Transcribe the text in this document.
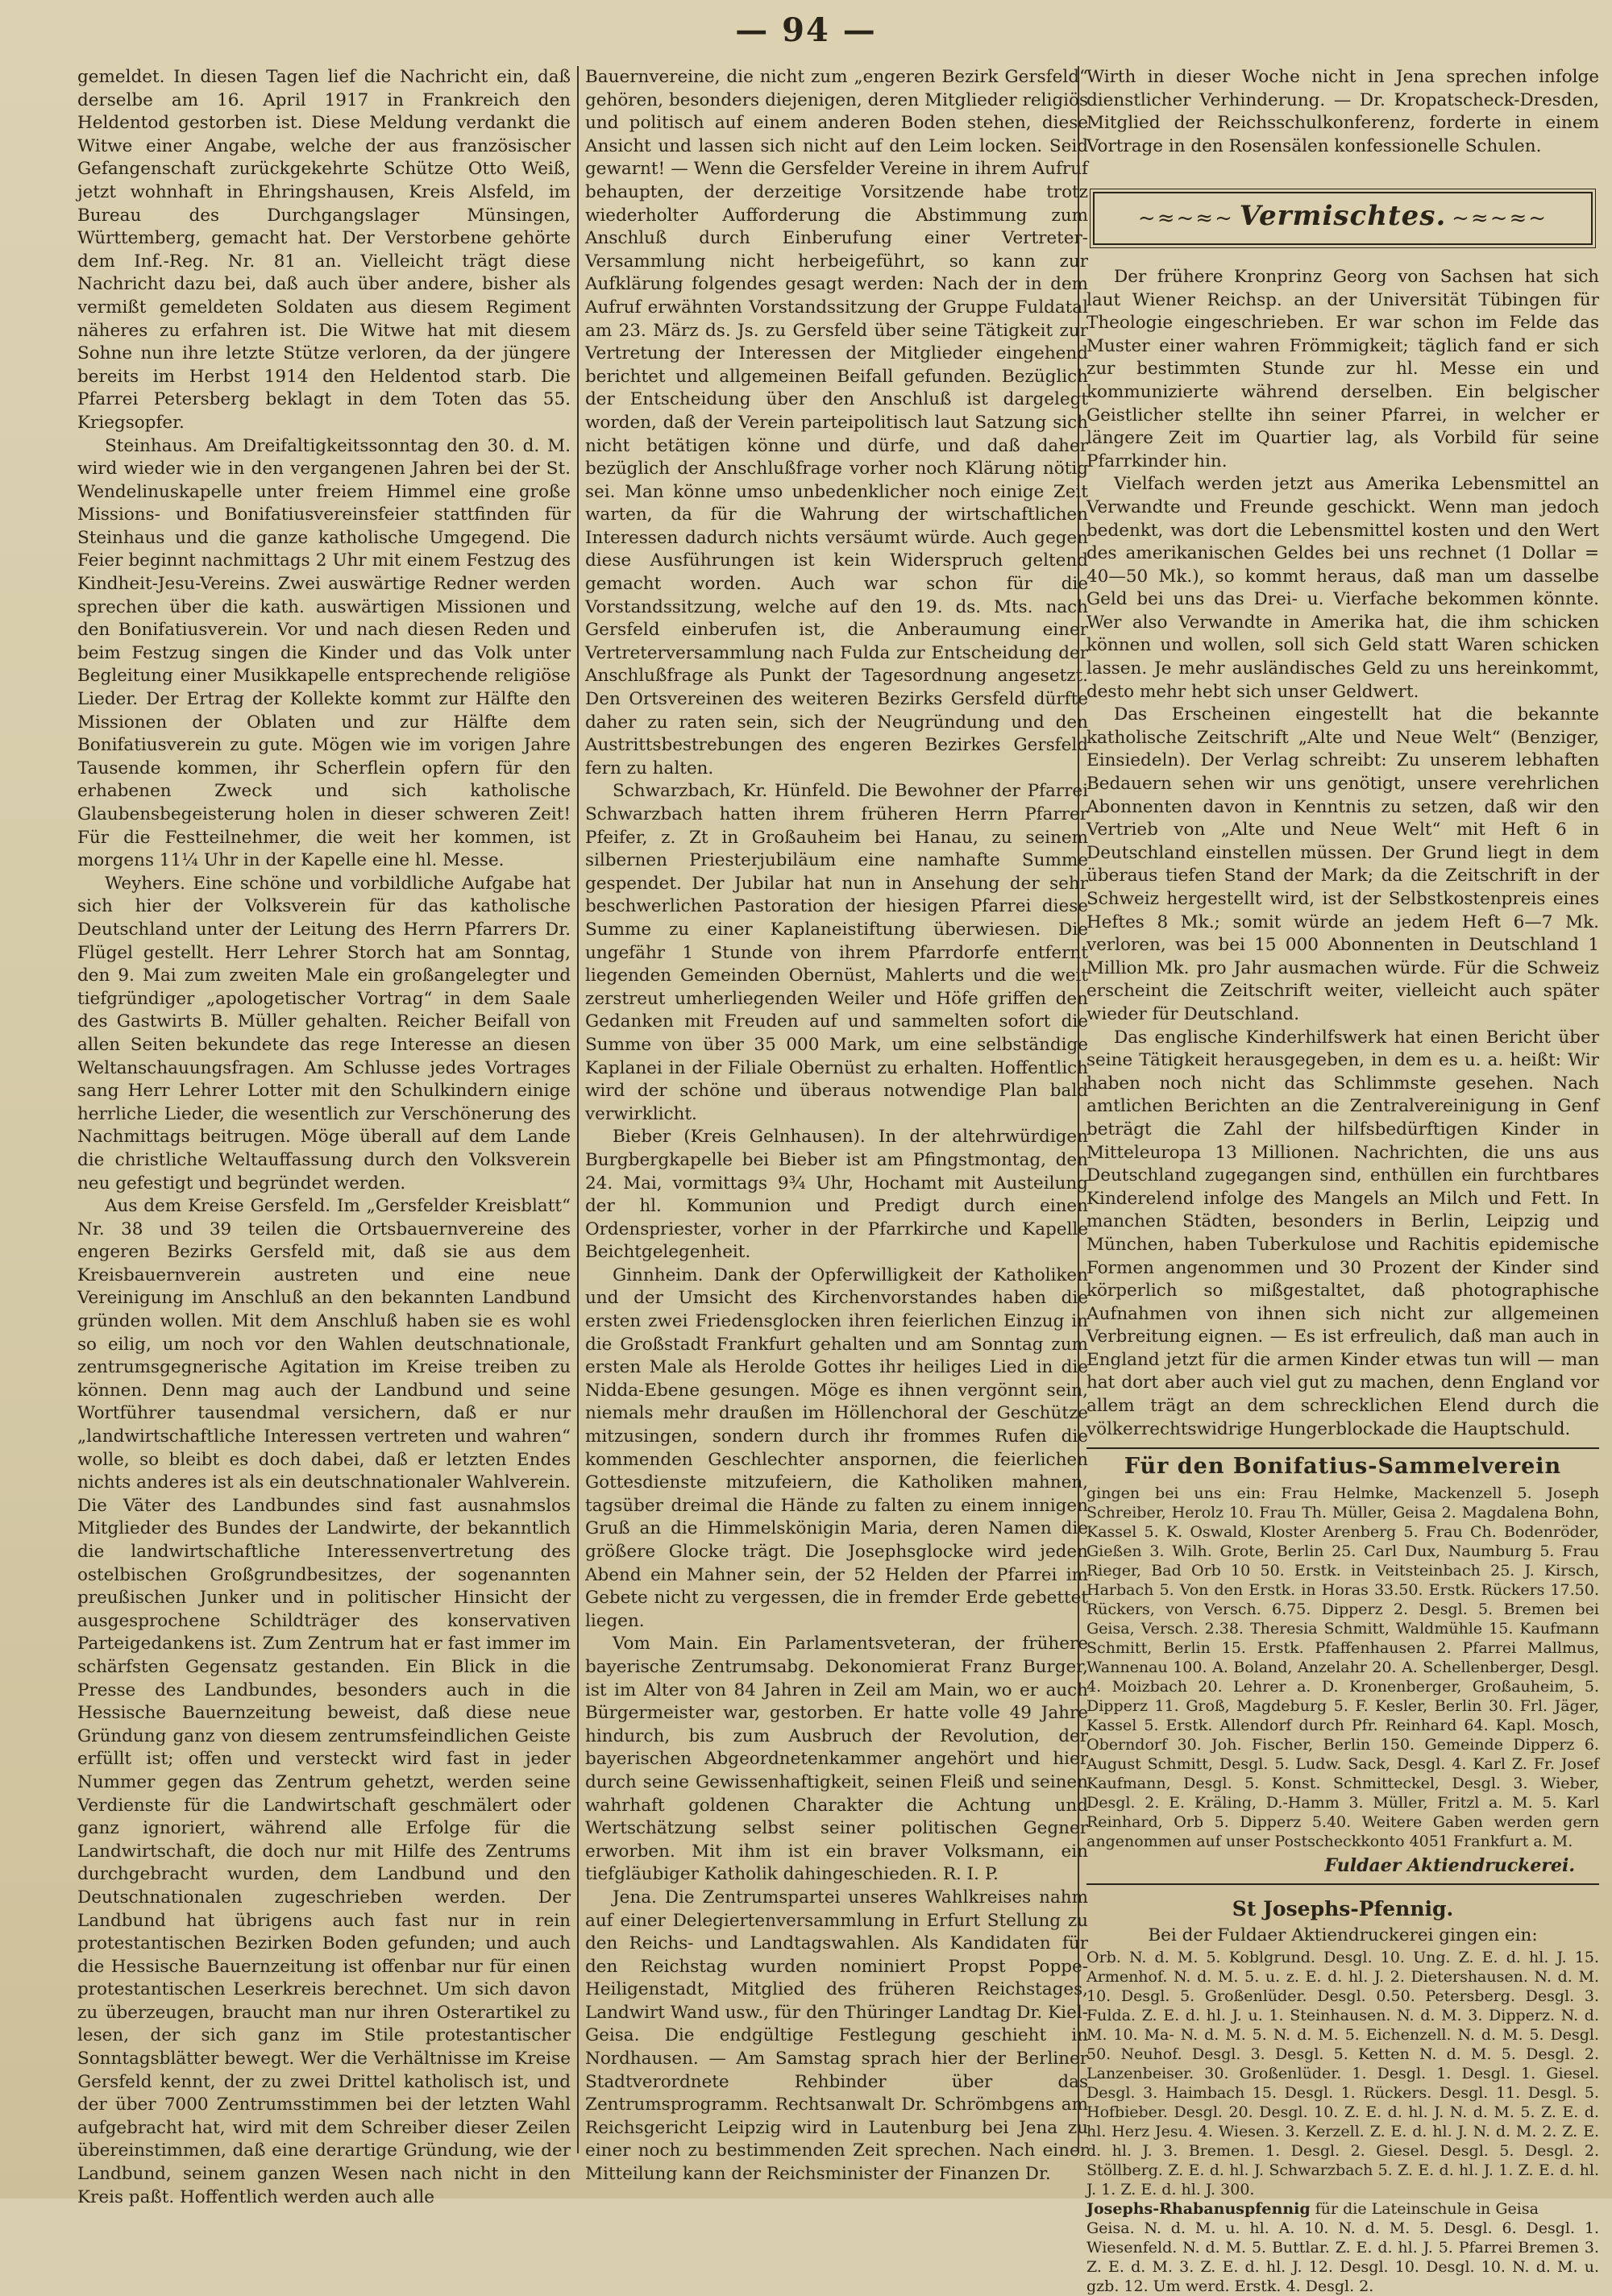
— 94 —

gemeldet. In diesen Tagen lief die Nachricht ein, daß derselbe am 16. April 1917 in Frankreich den Heldentod gestorben ist. Diese Meldung verdankt die Witwe einer Angabe, welche der aus französischer Gefangenschaft zurückgekehrte Schütze Otto Weiß, jetzt wohnhaft in Ehringshausen, Kreis Alsfeld, im Bureau des Durchgangslager Münsingen, Württemberg, gemacht hat. Der Verstorbene gehörte dem Inf.-Reg. Nr. 81 an. Vielleicht trägt diese Nachricht dazu bei, daß auch über andere, bisher als vermißt gemeldeten Soldaten aus diesem Regiment näheres zu erfahren ist. Die Witwe hat mit diesem Sohne nun ihre letzte Stütze verloren, da der jüngere bereits im Herbst 1914 den Heldentod starb. Die Pfarrei Petersberg beklagt in dem Toten das 55. Kriegsopfer.

Steinhaus. Am Dreifaltigkeitssonntag den 30. d. M. wird wieder wie in den vergangenen Jahren bei der St. Wendelinuskapelle unter freiem Himmel eine große Missions- und Bonifatiusvereinsfeier stattfinden für Steinhaus und die ganze katholische Umgegend. Die Feier beginnt nachmittags 2 Uhr mit einem Festzug des Kindheit-Jesu-Vereins. Zwei auswärtige Redner werden sprechen über die kath. auswärtigen Missionen und den Bonifatiusverein. Vor und nach diesen Reden und beim Festzug singen die Kinder und das Volk unter Begleitung einer Musikkapelle entsprechende religiöse Lieder. Der Ertrag der Kollekte kommt zur Hälfte den Missionen der Oblaten und zur Hälfte dem Bonifatiusverein zu gute. Mögen wie im vorigen Jahre Tausende kommen, ihr Scherflein opfern für den erhabenen Zweck und sich katholische Glaubensbegeisterung holen in dieser schweren Zeit! Für die Festteilnehmer, die weit her kommen, ist morgens 11¼ Uhr in der Kapelle eine hl. Messe.

Weyhers. Eine schöne und vorbildliche Aufgabe hat sich hier der Volksverein für das katholische Deutschland unter der Leitung des Herrn Pfarrers Dr. Flügel gestellt. Herr Lehrer Storch hat am Sonntag, den 9. Mai zum zweiten Male ein großangelegter und tiefgründiger „apologetischer Vortrag“ in dem Saale des Gastwirts B. Müller gehalten. Reicher Beifall von allen Seiten bekundete das rege Interesse an diesen Weltanschauungsfragen. Am Schlusse jedes Vortrages sang Herr Lehrer Lotter mit den Schulkindern einige herrliche Lieder, die wesentlich zur Verschönerung des Nachmittags beitrugen. Möge überall auf dem Lande die christliche Weltauffassung durch den Volksverein neu gefestigt und begründet werden.

Aus dem Kreise Gersfeld. Im „Gersfelder Kreisblatt“ Nr. 38 und 39 teilen die Ortsbauernvereine des engeren Bezirks Gersfeld mit, daß sie aus dem Kreisbauernverein austreten und eine neue Vereinigung im Anschluß an den bekannten Landbund gründen wollen. Mit dem Anschluß haben sie es wohl so eilig, um noch vor den Wahlen deutschnationale, zentrumsgegnerische Agitation im Kreise treiben zu können. Denn mag auch der Landbund und seine Wortführer tausendmal versichern, daß er nur „landwirtschaftliche Interessen vertreten und wahren“ wolle, so bleibt es doch dabei, daß er letzten Endes nichts anderes ist als ein deutschnationaler Wahlverein. Die Väter des Landbundes sind fast ausnahmslos Mitglieder des Bundes der Landwirte, der bekanntlich die landwirtschaftliche Interessenvertretung des ostelbischen Großgrundbesitzes, der sogenannten preußischen Junker und in politischer Hinsicht der ausgesprochene Schildträger des konservativen Parteigedankens ist. Zum Zentrum hat er fast immer im schärfsten Gegensatz gestanden. Ein Blick in die Presse des Landbundes, besonders auch in die Hessische Bauernzeitung beweist, daß diese neue Gründung ganz von diesem zentrumsfeindlichen Geiste erfüllt ist; offen und versteckt wird fast in jeder Nummer gegen das Zentrum gehetzt, werden seine Verdienste für die Landwirtschaft geschmälert oder ganz ignoriert, während alle Erfolge für die Landwirtschaft, die doch nur mit Hilfe des Zentrums durchgebracht wurden, dem Landbund und den Deutschnationalen zugeschrieben werden. Der Landbund hat übrigens auch fast nur in rein protestantischen Bezirken Boden gefunden; und auch die Hessische Bauernzeitung ist offenbar nur für einen protestantischen Leserkreis berechnet. Um sich davon zu überzeugen, braucht man nur ihren Osterartikel zu lesen, der sich ganz im Stile protestantischer Sonntagsblätter bewegt. Wer die Verhältnisse im Kreise Gersfeld kennt, der zu zwei Drittel katholisch ist, und der über 7000 Zentrumsstimmen bei der letzten Wahl aufgebracht hat, wird mit dem Schreiber dieser Zeilen übereinstimmen, daß eine derartige Gründung, wie der Landbund, seinem ganzen Wesen nach nicht in den Kreis paßt. Hoffentlich werden auch alle

Bauernvereine, die nicht zum „engeren Bezirk Gersfeld“ gehören, besonders diejenigen, deren Mitglieder religiös und politisch auf einem anderen Boden stehen, diese Ansicht und lassen sich nicht auf den Leim locken. Seid gewarnt! — Wenn die Gersfelder Vereine in ihrem Aufruf behaupten, der derzeitige Vorsitzende habe trotz wiederholter Aufforderung die Abstimmung zum Anschluß durch Einberufung einer Vertreter-Versammlung nicht herbeigeführt, so kann zur Aufklärung folgendes gesagt werden: Nach der in dem Aufruf erwähnten Vorstandssitzung der Gruppe Fuldatal am 23. März ds. Js. zu Gersfeld über seine Tätigkeit zur Vertretung der Interessen der Mitglieder eingehend berichtet und allgemeinen Beifall gefunden. Bezüglich der Entscheidung über den Anschluß ist dargelegt worden, daß der Verein parteipolitisch laut Satzung sich nicht betätigen könne und dürfe, und daß daher bezüglich der Anschlußfrage vorher noch Klärung nötig sei. Man könne umso unbedenklicher noch einige Zeit warten, da für die Wahrung der wirtschaftlichen Interessen dadurch nichts versäumt würde. Auch gegen diese Ausführungen ist kein Widerspruch geltend gemacht worden. Auch war schon für die Vorstandssitzung, welche auf den 19. ds. Mts. nach Gersfeld einberufen ist, die Anberaumung einer Vertreterversammlung nach Fulda zur Entscheidung der Anschlußfrage als Punkt der Tagesordnung angesetzt. Den Ortsvereinen des weiteren Bezirks Gersfeld dürfte daher zu raten sein, sich der Neugründung und den Austrittsbestrebungen des engeren Bezirkes Gersfeld fern zu halten.

Schwarzbach, Kr. Hünfeld. Die Bewohner der Pfarrei Schwarzbach hatten ihrem früheren Herrn Pfarrer Pfeifer, z. Zt in Großauheim bei Hanau, zu seinem silbernen Priesterjubiläum eine namhafte Summe gespendet. Der Jubilar hat nun in Ansehung der sehr beschwerlichen Pastoration der hiesigen Pfarrei diese Summe zu einer Kaplaneistiftung überwiesen. Die ungefähr 1 Stunde von ihrem Pfarrdorfe entfernt liegenden Gemeinden Obernüst, Mahlerts und die weit zerstreut umherliegenden Weiler und Höfe griffen den Gedanken mit Freuden auf und sammelten sofort die Summe von über 35 000 Mark, um eine selbständige Kaplanei in der Filiale Obernüst zu erhalten. Hoffentlich wird der schöne und überaus notwendige Plan bald verwirklicht.

Bieber (Kreis Gelnhausen). In der altehrwürdigen Burgbergkapelle bei Bieber ist am Pfingstmontag, den 24. Mai, vormittags 9¾ Uhr, Hochamt mit Austeilung der hl. Kommunion und Predigt durch einen Ordenspriester, vorher in der Pfarrkirche und Kapelle Beichtgelegenheit.

Ginnheim. Dank der Opferwilligkeit der Katholiken und der Umsicht des Kirchenvorstandes haben die ersten zwei Friedensglocken ihren feierlichen Einzug in die Großstadt Frankfurt gehalten und am Sonntag zum ersten Male als Herolde Gottes ihr heiliges Lied in die Nidda-Ebene gesungen. Möge es ihnen vergönnt sein, niemals mehr draußen im Höllenchoral der Geschütze mitzusingen, sondern durch ihr frommes Rufen die kommenden Geschlechter anspornen, die feierlichen Gottesdienste mitzufeiern, die Katholiken mahnen, tagsüber dreimal die Hände zu falten zu einem innigen Gruß an die Himmelskönigin Maria, deren Namen die größere Glocke trägt. Die Josephsglocke wird jeden Abend ein Mahner sein, der 52 Helden der Pfarrei im Gebete nicht zu vergessen, die in fremder Erde gebettet liegen.

Vom Main. Ein Parlamentsveteran, der frühere bayerische Zentrumsabg. Dekonomierat Franz Burger, ist im Alter von 84 Jahren in Zeil am Main, wo er auch Bürgermeister war, gestorben. Er hatte volle 49 Jahre hindurch, bis zum Ausbruch der Revolution, der bayerischen Abgeordnetenkammer angehört und hier durch seine Gewissenhaftigkeit, seinen Fleiß und seinen wahrhaft goldenen Charakter die Achtung und Wertschätzung selbst seiner politischen Gegner erworben. Mit ihm ist ein braver Volksmann, ein tiefgläubiger Katholik dahingeschieden. R. I. P.

Jena. Die Zentrumspartei unseres Wahlkreises nahm auf einer Delegiertenversammlung in Erfurt Stellung zu den Reichs- und Landtagswahlen. Als Kandidaten für den Reichstag wurden nominiert Propst Poppe-Heiligenstadt, Mitglied des früheren Reichstages, Landwirt Wand usw., für den Thüringer Landtag Dr. Kiel-Geisa. Die endgültige Festlegung geschieht in Nordhausen. — Am Samstag sprach hier der Berliner Stadtverordnete Rehbinder über das Zentrumsprogramm. Rechtsanwalt Dr. Schrömbgens am Reichsgericht Leipzig wird in Lautenburg bei Jena zu einer noch zu bestimmenden Zeit sprechen. Nach einer Mitteilung kann der Reichsminister der Finanzen Dr.

Wirth in dieser Woche nicht in Jena sprechen infolge dienstlicher Verhinderung. — Dr. Kropatscheck-Dresden, Mitglied der Reichsschulkonferenz, forderte in einem Vortrage in den Rosensälen konfessionelle Schulen.

~≈~≈~ Vermischtes. ~≈~≈~

Der frühere Kronprinz Georg von Sachsen hat sich laut Wiener Reichsp. an der Universität Tübingen für Theologie eingeschrieben. Er war schon im Felde das Muster einer wahren Frömmigkeit; täglich fand er sich zur bestimmten Stunde zur hl. Messe ein und kommunizierte während derselben. Ein belgischer Geistlicher stellte ihn seiner Pfarrei, in welcher er längere Zeit im Quartier lag, als Vorbild für seine Pfarrkinder hin.

Vielfach werden jetzt aus Amerika Lebensmittel an Verwandte und Freunde geschickt. Wenn man jedoch bedenkt, was dort die Lebensmittel kosten und den Wert des amerikanischen Geldes bei uns rechnet (1 Dollar = 40—50 Mk.), so kommt heraus, daß man um dasselbe Geld bei uns das Drei- u. Vierfache bekommen könnte. Wer also Verwandte in Amerika hat, die ihm schicken können und wollen, soll sich Geld statt Waren schicken lassen. Je mehr ausländisches Geld zu uns hereinkommt, desto mehr hebt sich unser Geldwert.

Das Erscheinen eingestellt hat die bekannte katholische Zeitschrift „Alte und Neue Welt“ (Benziger, Einsiedeln). Der Verlag schreibt: Zu unserem lebhaften Bedauern sehen wir uns genötigt, unsere verehrlichen Abonnenten davon in Kenntnis zu setzen, daß wir den Vertrieb von „Alte und Neue Welt“ mit Heft 6 in Deutschland einstellen müssen. Der Grund liegt in dem überaus tiefen Stand der Mark; da die Zeitschrift in der Schweiz hergestellt wird, ist der Selbstkostenpreis eines Heftes 8 Mk.; somit würde an jedem Heft 6—7 Mk. verloren, was bei 15 000 Abonnenten in Deutschland 1 Million Mk. pro Jahr ausmachen würde. Für die Schweiz erscheint die Zeitschrift weiter, vielleicht auch später wieder für Deutschland.

Das englische Kinderhilfswerk hat einen Bericht über seine Tätigkeit herausgegeben, in dem es u. a. heißt: Wir haben noch nicht das Schlimmste gesehen. Nach amtlichen Berichten an die Zentralvereinigung in Genf beträgt die Zahl der hilfsbedürftigen Kinder in Mitteleuropa 13 Millionen. Nachrichten, die uns aus Deutschland zugegangen sind, enthüllen ein furchtbares Kinderelend infolge des Mangels an Milch und Fett. In manchen Städten, besonders in Berlin, Leipzig und München, haben Tuberkulose und Rachitis epidemische Formen angenommen und 30 Prozent der Kinder sind körperlich so mißgestaltet, daß photographische Aufnahmen von ihnen sich nicht zur allgemeinen Verbreitung eignen. — Es ist erfreulich, daß man auch in England jetzt für die armen Kinder etwas tun will — man hat dort aber auch viel gut zu machen, denn England vor allem trägt an dem schrecklichen Elend durch die völkerrechtswidrige Hungerblockade die Hauptschuld.

Für den Bonifatius-Sammelverein

gingen bei uns ein: Frau Helmke, Mackenzell 5. Joseph Schreiber, Herolz 10. Frau Th. Müller, Geisa 2. Magdalena Bohn, Kassel 5. K. Oswald, Kloster Arenberg 5. Frau Ch. Bodenröder, Gießen 3. Wilh. Grote, Berlin 25. Carl Dux, Naumburg 5. Frau Rieger, Bad Orb 10 50. Erstk. in Veitsteinbach 25. J. Kirsch, Harbach 5. Von den Erstk. in Horas 33.50. Erstk. Rückers 17.50. Rückers, von Versch. 6.75. Dipperz 2. Desgl. 5. Bremen bei Geisa, Versch. 2.38. Theresia Schmitt, Waldmühle 15. Kaufmann Schmitt, Berlin 15. Erstk. Pfaffenhausen 2. Pfarrei Mallmus, Wannenau 100. A. Boland, Anzelahr 20. A. Schellenberger, Desgl. 4. Moizbach 20. Lehrer a. D. Kronenberger, Großauheim, 5. Dipperz 11. Groß, Magdeburg 5. F. Kesler, Berlin 30. Frl. Jäger, Kassel 5. Erstk. Allendorf durch Pfr. Reinhard 64. Kapl. Mosch, Oberndorf 30. Joh. Fischer, Berlin 150. Gemeinde Dipperz 6. August Schmitt, Desgl. 5. Ludw. Sack, Desgl. 4. Karl Z. Fr. Josef Kaufmann, Desgl. 5. Konst. Schmitteckel, Desgl. 3. Wieber, Desgl. 2. E. Kräling, D.-Hamm 3. Müller, Fritzl a. M. 5. Karl Reinhard, Orb 5. Dipperz 5.40. Weitere Gaben werden gern angenommen auf unser Postscheckkonto 4051 Frankfurt a. M.

Fuldaer Aktiendruckerei.
St Josephs-Pfennig.

Bei der Fuldaer Aktiendruckerei gingen ein:

Orb. N. d. M. 5. Koblgrund. Desgl. 10. Ung. Z. E. d. hl. J. 15. Armenhof. N. d. M. 5. u. z. E. d. hl. J. 2. Dietershausen. N. d. M. 10. Desgl. 5. Großenlüder. Desgl. 0.50. Petersberg. Desgl. 3. Fulda. Z. E. d. hl. J. u. 1. Steinhausen. N. d. M. 3. Dipperz. N. d. M. 10. Ma- N. d. M. 5. N. d. M. 5. Eichenzell. N. d. M. 5. Desgl. 50. Neuhof. Desgl. 3. Desgl. 5. Ketten N. d. M. 5. Desgl. 2. Lanzenbeiser. 30. Großenlüder. 1. Desgl. 1. Desgl. 1. Giesel. Desgl. 3. Haimbach 15. Desgl. 1. Rückers. Desgl. 11. Desgl. 5. Hofbieber. Desgl. 20. Desgl. 10. Z. E. d. hl. J. N. d. M. 5. Z. E. d. hl. Herz Jesu. 4. Wiesen. 3. Kerzell. Z. E. d. hl. J. N. d. M. 2. Z. E. d. hl. J. 3. Bremen. 1. Desgl. 2. Giesel. Desgl. 5. Desgl. 2. Stöllberg. Z. E. d. hl. J. Schwarzbach 5. Z. E. d. hl. J. 1. Z. E. d. hl. J. 1. Z. E. d. hl. J. 300.

Josephs-Rhabanuspfennig für die Lateinschule in Geisa

Geisa. N. d. M. u. hl. A. 10. N. d. M. 5. Desgl. 6. Desgl. 1. Wiesenfeld. N. d. M. 5. Buttlar. Z. E. d. hl. J. 5. Pfarrei Bremen 3. Z. E. d. M. 3. Z. E. d. hl. J. 12. Desgl. 10. Desgl. 10. N. d. M. u. gzb. 12. Um werd. Erstk. 4. Desgl. 2.
